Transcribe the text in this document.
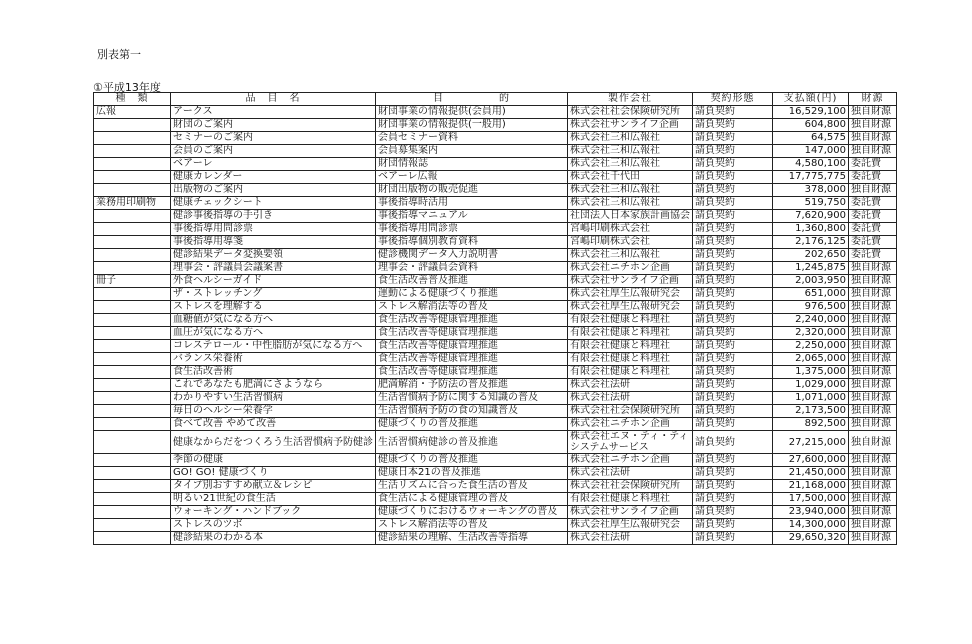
別表第一
①平成13年度
種　類	品　目　名	目　　　　　的	製作会社	契約形態	支払額(円)	財源
広報	アークス	財団事業の情報提供(会員用)	株式会社社会保険研究所	請負契約	16,529,100	独自財源
	財団のご案内	財団事業の情報提供(一般用)	株式会社サンライフ企画	請負契約	604,800	独自財源
	セミナーのご案内	会員セミナー資料	株式会社三和広報社	請負契約	64,575	独自財源
	会員のご案内	会員募集案内	株式会社三和広報社	請負契約	147,000	独自財源
	ベアーレ	財団情報誌	株式会社三和広報社	請負契約	4,580,100	委託費
	健康カレンダー	ベアーレ広報	株式会社千代田	請負契約	17,775,775	委託費
	出版物のご案内	財団出版物の販売促進	株式会社三和広報社	請負契約	378,000	独自財源
業務用印刷物	健康チェックシート	事後指導時活用	株式会社三和広報社	請負契約	519,750	委託費
	健診事後指導の手引き	事後指導マニュアル	社団法人日本家族計画協会	請負契約	7,620,900	委託費
	事後指導用問診票	事後指導用問診票	宮嶋印刷株式会社	請負契約	1,360,800	委託費
	事後指導用導箋	事後指導個別教育資料	宮嶋印刷株式会社	請負契約	2,176,125	委託費
	健診結果データ変換要領	健診機関データ入力説明書	株式会社三和広報社	請負契約	202,650	委託費
	理事会・評議員会議案書	理事会・評議員会資料	株式会社ニチホン企画	請負契約	1,245,875	独自財源
冊子	外食ヘルシーガイド	食生活改善普及推進	株式会社サンライフ企画	請負契約	2,003,950	独自財源
	ザ・ストレッチング	運動による健康づくり推進	株式会社厚生広報研究会	請負契約	651,000	独自財源
	ストレスを理解する	ストレス解消法等の普及	株式会社厚生広報研究会	請負契約	976,500	独自財源
	血糖値が気になる方へ	食生活改善等健康管理推進	有限会社健康と料理社	請負契約	2,240,000	独自財源
	血圧が気になる方へ	食生活改善等健康管理推進	有限会社健康と料理社	請負契約	2,320,000	独自財源
	コレステロール・中性脂肪が気になる方へ	食生活改善等健康管理推進	有限会社健康と料理社	請負契約	2,250,000	独自財源
	バランス栄養術	食生活改善等健康管理推進	有限会社健康と料理社	請負契約	2,065,000	独自財源
	食生活改善術	食生活改善等健康管理推進	有限会社健康と料理社	請負契約	1,375,000	独自財源
	これであなたも肥満にさようなら	肥満解消・予防法の普及推進	株式会社法研	請負契約	1,029,000	独自財源
	わかりやすい生活習慣病	生活習慣病予防に関する知識の普及	株式会社法研	請負契約	1,071,000	独自財源
	毎日のヘルシー栄養学	生活習慣病予防の食の知識普及	株式会社社会保険研究所	請負契約	2,173,500	独自財源
	食べて改善 やめて改善	健康づくりの普及推進	株式会社ニチホン企画	請負契約	892,500	独自財源
	健康なからだをつくろう生活習慣病予防健診	生活習慣病健診の普及推進	株式会社エヌ・ティ・ティシステムサービス	請負契約	27,215,000	独自財源
	季節の健康	健康づくりの普及推進	株式会社ニチホン企画	請負契約	27,600,000	独自財源
	GO! GO! 健康づくり	健康日本21の普及推進	株式会社法研	請負契約	21,450,000	独自財源
	タイプ別おすすめ献立＆レシピ	生活リズムに合った食生活の普及	株式会社社会保険研究所	請負契約	21,168,000	独自財源
	明るい21世紀の食生活	食生活による健康管理の普及	有限会社健康と料理社	請負契約	17,500,000	独自財源
	ウォーキング・ハンドブック	健康づくりにおけるウォーキングの普及	株式会社サンライフ企画	請負契約	23,940,000	独自財源
	ストレスのツボ	ストレス解消法等の普及	株式会社厚生広報研究会	請負契約	14,300,000	独自財源
	健診結果のわかる本	健診結果の理解、生活改善等指導	株式会社法研	請負契約	29,650,320	独自財源
